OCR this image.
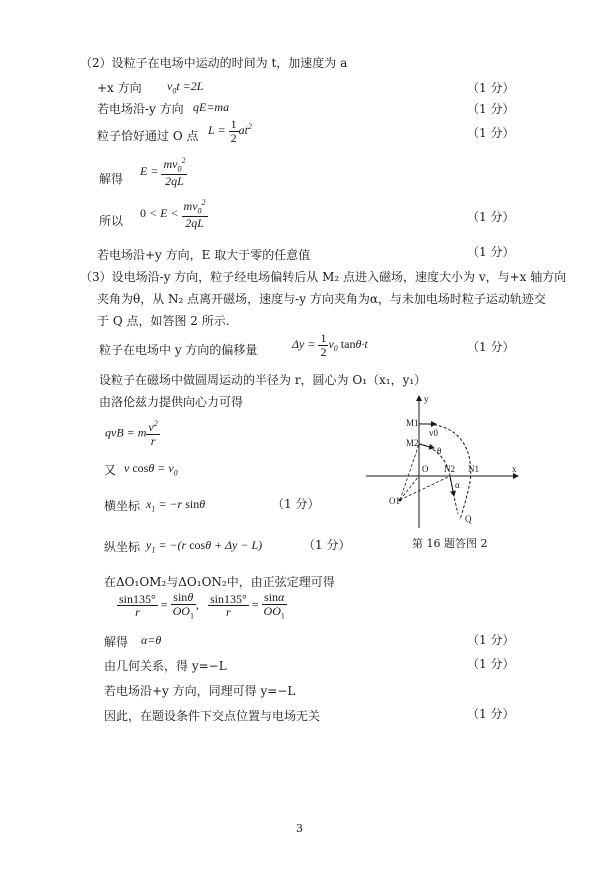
（2）设粒子在电场中运动的时间为 t，加速度为 a
+x 方向 $v_0t =2L$	（1 分）
若电场沿-y 方向 qE=ma	（1 分）
粒子恰好通过 O 点 $L = \frac{1}{2} at^2$	（1 分）
解得
$E = \frac{mv_0^2}{2qL}$
所以
$0 < E < \frac{mv_0^2}{2qL}$	（1 分）
若电场沿+y 方向，E 取大于零的任意值	（1 分）
（3）设电场沿-y 方向，粒子经电场偏转后从 M₂ 点进入磁场，速度大小为 v，与+x 轴方向
夹角为θ，从 N₂ 点离开磁场，速度与-y 方向夹角为α，与未加电场时粒子运动轨迹交
于 Q 点，如答图 2 所示.
粒子在电场中 y 方向的偏移量	$\Delta y = \frac{1}{2} v_0$ tanθ·t	（1 分）
设粒子在磁场中做圆周运动的半径为 r，圆心为 O₁（x₁，y₁）
由洛伦兹力提供向心力可得
qvB = m $\frac{v^2}{r}$
又 v $\cos\theta = v_0$
横坐标 $x_1 = -r$ sinθ	（1 分）
纵坐标 $y_1 = -(r$ cosθ + Δy − L)	（1 分）
在ΔO₁OM₂与ΔO₁ON₂中，由正弦定理可得
$\frac{\sin 135^\circ}{r} = \frac{\sin\theta}{OO_1}$ , $\frac{\sin 135^\circ}{r} = \frac{\sin\alpha}{OO_1}$
解得 α=θ	（1 分）
由几何关系，得 y=−L	（1 分）
若电场沿+y 方向，同理可得 y=−L
因此，在题设条件下交点位置与电场无关	（1 分）
y
x
M1
M2
v0
θ
O N2 N1
O1
α
Q
第 16 题答图 2
3
